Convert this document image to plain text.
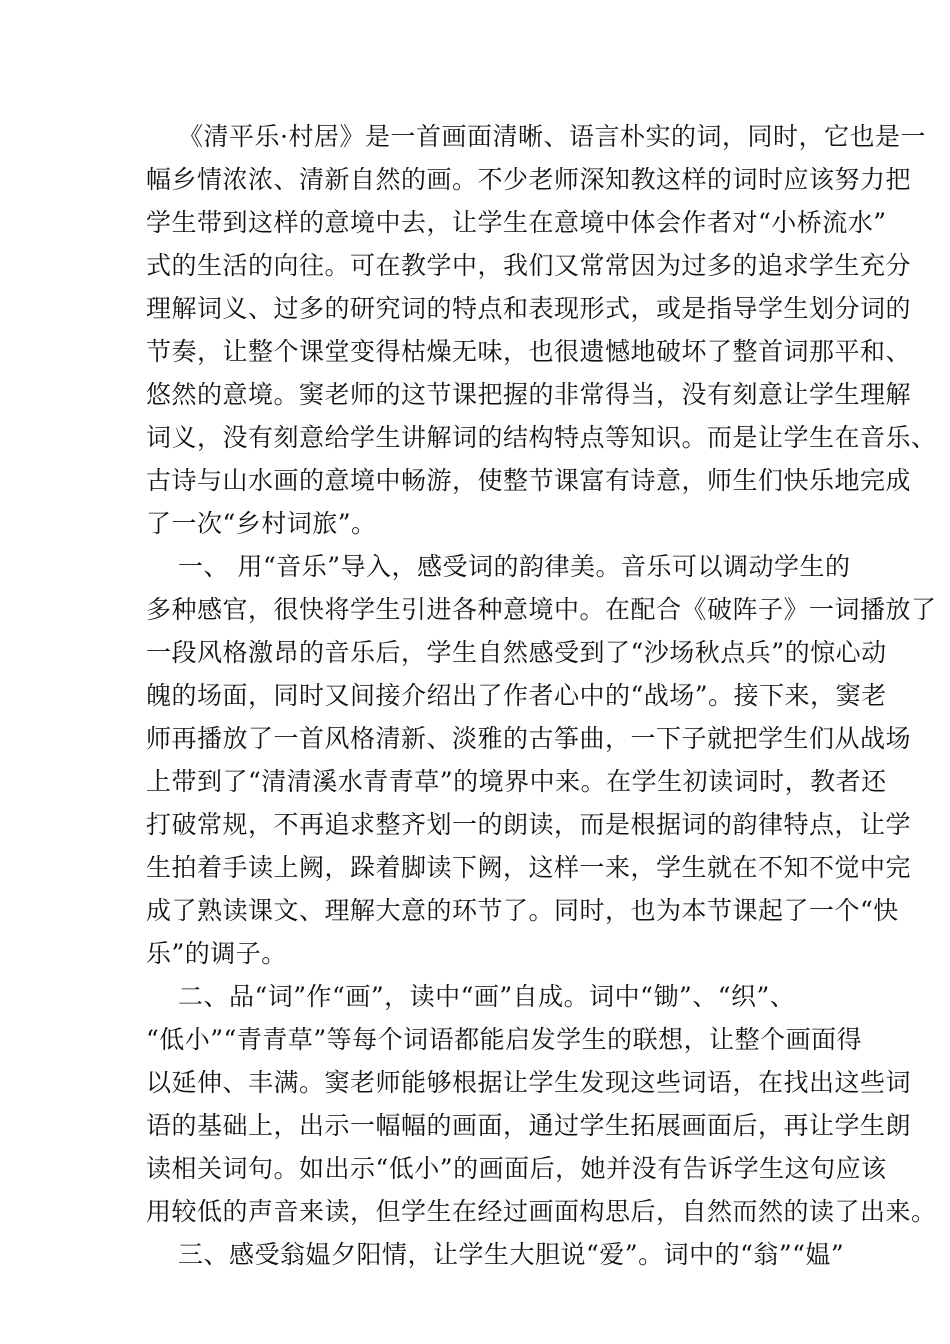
《清平乐·村居》是一首画面清晰、语言朴实的词，同时，它也是一
幅乡情浓浓、清新自然的画。不少老师深知教这样的词时应该努力把
学生带到这样的意境中去，让学生在意境中体会作者对“小桥流水”
式的生活的向往。可在教学中，我们又常常因为过多的追求学生充分
理解词义、过多的研究词的特点和表现形式，或是指导学生划分词的
节奏，让整个课堂变得枯燥无味，也很遗憾地破坏了整首词那平和、
悠然的意境。窦老师的这节课把握的非常得当，没有刻意让学生理解
词义，没有刻意给学生讲解词的结构特点等知识。而是让学生在音乐、
古诗与山水画的意境中畅游，使整节课富有诗意，师生们快乐地完成
了一次“乡村词旅”。
一、 用“音乐”导入，感受词的韵律美。音乐可以调动学生的
多种感官，很快将学生引进各种意境中。在配合《破阵子》一词播放了
一段风格激昂的音乐后，学生自然感受到了“沙场秋点兵”的惊心动
魄的场面，同时又间接介绍出了作者心中的“战场”。接下来，窦老
师再播放了一首风格清新、淡雅的古筝曲，一下子就把学生们从战场
上带到了“清清溪水青青草”的境界中来。在学生初读词时，教者还
打破常规，不再追求整齐划一的朗读，而是根据词的韵律特点，让学
生拍着手读上阙，跺着脚读下阙，这样一来，学生就在不知不觉中完
成了熟读课文、理解大意的环节了。同时，也为本节课起了一个“快
乐”的调子。
二、品“词”作“画”，读中“画”自成。词中“锄”、“织”、
“低小”“青青草”等每个词语都能启发学生的联想，让整个画面得
以延伸、丰满。窦老师能够根据让学生发现这些词语，在找出这些词
语的基础上，出示一幅幅的画面，通过学生拓展画面后，再让学生朗
读相关词句。如出示“低小”的画面后，她并没有告诉学生这句应该
用较低的声音来读，但学生在经过画面构思后，自然而然的读了出来。
三、感受翁媪夕阳情，让学生大胆说“爱”。词中的“翁”“媪”
